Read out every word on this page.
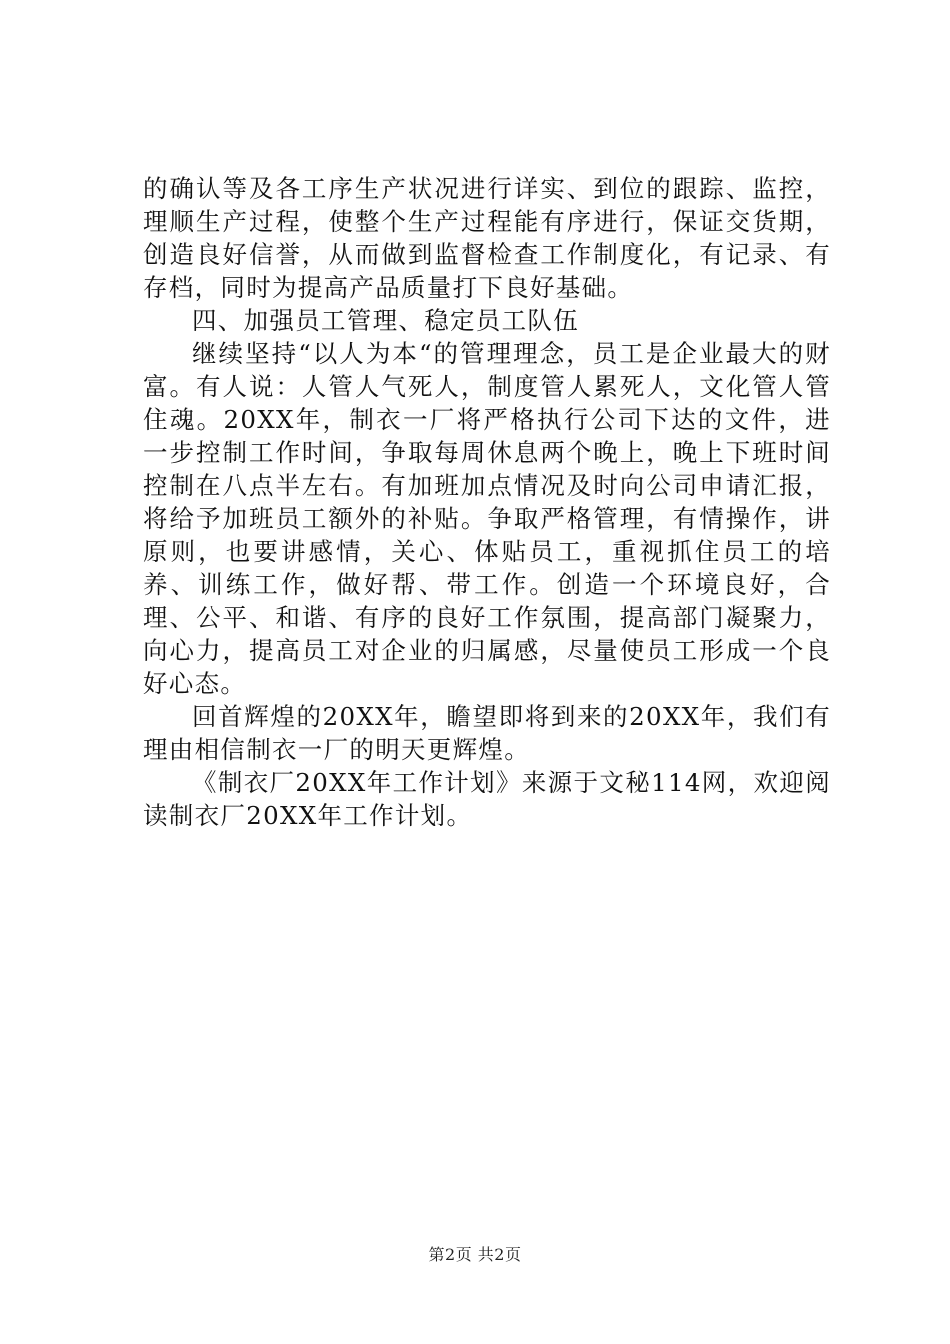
的确认等及各工序生产状况进行详实、到位的跟踪、监控，理顺生产过程，使整个生产过程能有序进行，保证交货期，创造良好信誉，从而做到监督检查工作制度化，有记录、有存档，同时为提高产品质量打下良好基础。

四、加强员工管理、稳定员工队伍

继续坚持“以人为本“的管理理念，员工是企业最大的财富。有人说：人管人气死人，制度管人累死人，文化管人管住魂。20XX年，制衣一厂将严格执行公司下达的文件，进一步控制工作时间，争取每周休息两个晚上，晚上下班时间控制在八点半左右。有加班加点情况及时向公司申请汇报，将给予加班员工额外的补贴。争取严格管理，有情操作，讲原则，也要讲感情，关心、体贴员工，重视抓住员工的培养、训练工作，做好帮、带工作。创造一个环境良好，合理、公平、和谐、有序的良好工作氛围，提高部门凝聚力，向心力，提高员工对企业的归属感，尽量使员工形成一个良好心态。

回首辉煌的20XX年，瞻望即将到来的20XX年，我们有理由相信制衣一厂的明天更辉煌。

《制衣厂20XX年工作计划》来源于文秘114网，欢迎阅读制衣厂20XX年工作计划。

第2页 共2页
